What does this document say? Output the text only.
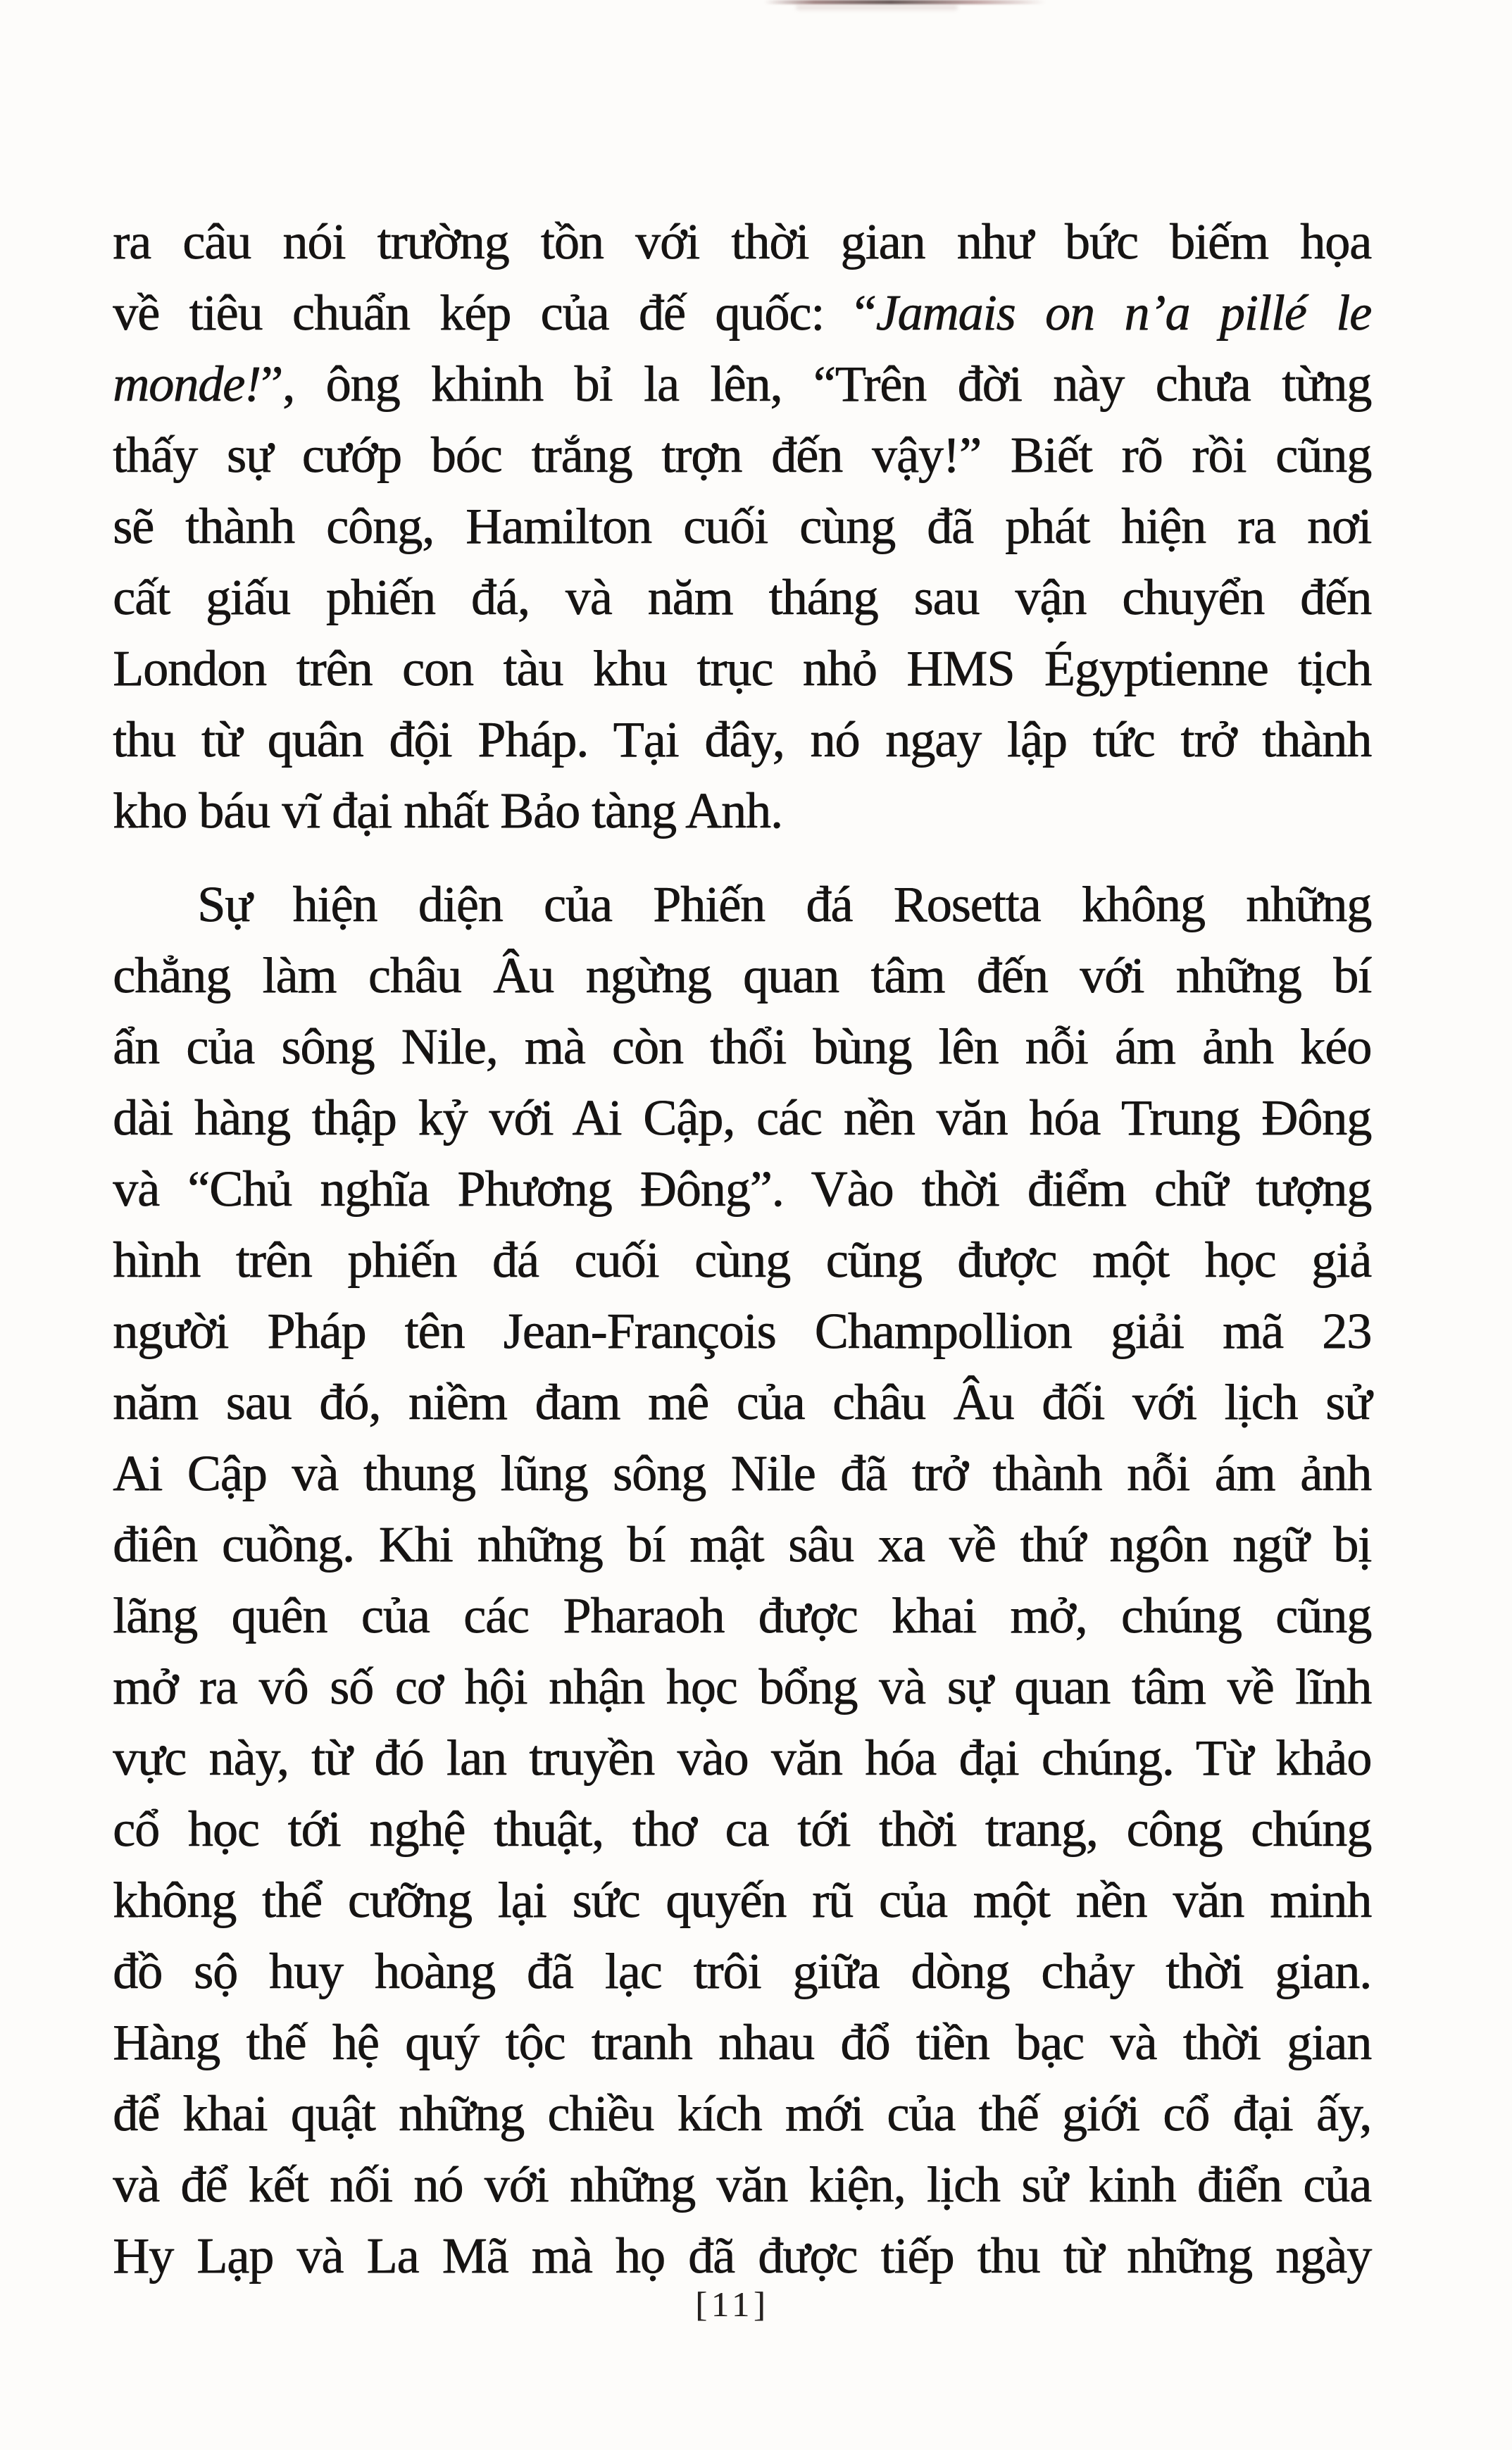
ra câu nói trường tồn với thời gian như bức biếm họa
về tiêu chuẩn kép của đế quốc: “Jamais on n’a pillé le
monde!”, ông khinh bỉ la lên, “Trên đời này chưa từng
thấy sự cướp bóc trắng trợn đến vậy!” Biết rõ rồi cũng
sẽ thành công, Hamilton cuối cùng đã phát hiện ra nơi
cất giấu phiến đá, và năm tháng sau vận chuyển đến
London trên con tàu khu trục nhỏ HMS Égyptienne tịch
thu từ quân đội Pháp. Tại đây, nó ngay lập tức trở thành
kho báu vĩ đại nhất Bảo tàng Anh.
Sự hiện diện của Phiến đá Rosetta không những
chẳng làm châu Âu ngừng quan tâm đến với những bí
ẩn của sông Nile, mà còn thổi bùng lên nỗi ám ảnh kéo
dài hàng thập kỷ với Ai Cập, các nền văn hóa Trung Đông
và “Chủ nghĩa Phương Đông”. Vào thời điểm chữ tượng
hình trên phiến đá cuối cùng cũng được một học giả
người Pháp tên Jean-François Champollion giải mã 23
năm sau đó, niềm đam mê của châu Âu đối với lịch sử
Ai Cập và thung lũng sông Nile đã trở thành nỗi ám ảnh
điên cuồng. Khi những bí mật sâu xa về thứ ngôn ngữ bị
lãng quên của các Pharaoh được khai mở, chúng cũng
mở ra vô số cơ hội nhận học bổng và sự quan tâm về lĩnh
vực này, từ đó lan truyền vào văn hóa đại chúng. Từ khảo
cổ học tới nghệ thuật, thơ ca tới thời trang, công chúng
không thể cưỡng lại sức quyến rũ của một nền văn minh
đồ sộ huy hoàng đã lạc trôi giữa dòng chảy thời gian.
Hàng thế hệ quý tộc tranh nhau đổ tiền bạc và thời gian
để khai quật những chiều kích mới của thế giới cổ đại ấy,
và để kết nối nó với những văn kiện, lịch sử kinh điển của
Hy Lạp và La Mã mà họ đã được tiếp thu từ những ngày
[11]
